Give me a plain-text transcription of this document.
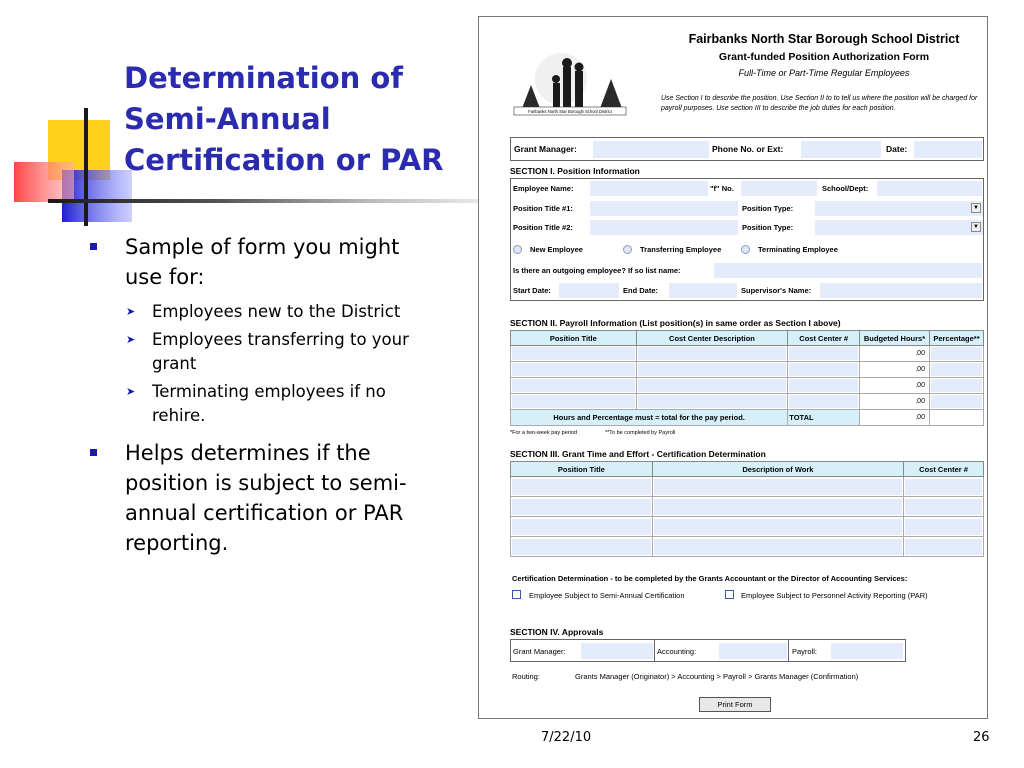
Determination of Semi-Annual Certification or PAR
Sample of form you might use for:
➤ Employees new to the District
➤ Employees transferring to your grant
➤ Terminating employees if no rehire.
Helps determines if the position is subject to semi-annual certification or PAR reporting.
7/22/10	26
Fairbanks North Star Borough School District
Fairbanks North Star Borough School District
Grant-funded Position Authorization Form
Full-Time or Part-Time Regular Employees
Use Section I to describe the position. Use Section II to to tell us where the position will be charged for payroll purposes. Use section III to describe the job duties for each position.
Grant Manager:	Phone No. or Ext:	Date:
SECTION I. Position Information
Employee Name:	"f" No.	School/Dept:
Position Title #1:	Position Type:	▼
Position Title #2:	Position Type:	▼
New Employee	Transferring Employee	Terminating Employee
Is there an outgoing employee? If so list name:
Start Date:	End Date:	Supervisor's Name:
SECTION II. Payroll Information (List position(s) in same order as Section I above)
Position Title	Cost Center Description	Cost Center #	Budgeted Hours*	Percentage**

			.00	

			.00	

			.00	

			.00	

Hours and Percentage must = total for the pay period.		TOTAL	.00	

*For a two-week pay period	**To be completed by Payroll
SECTION III. Grant Time and Effort - Certification Determination
Position Title	Description of Work	Cost Center #

Certification Determination - to be completed by the Grants Accountant or the Director of Accounting Services:
Employee Subject to Semi-Annual Certification	Employee Subject to Personnel Activity Reporting (PAR)
SECTION IV. Approvals
Grant Manager:	Accounting:	Payroll:
Routing:	Grants Manager (Originator) > Accounting > Payroll > Grants Manager (Confirmation)
Print Form
